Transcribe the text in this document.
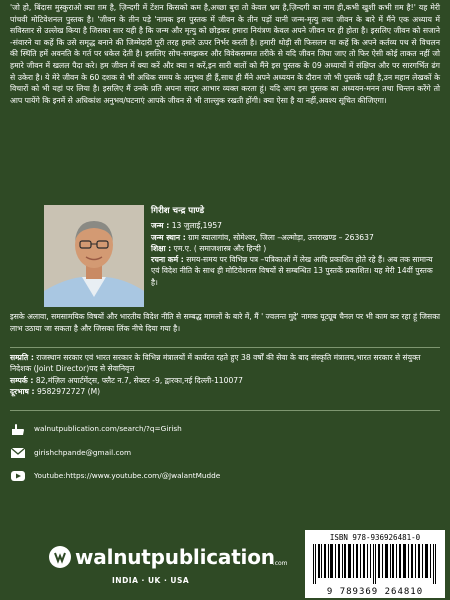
'जो हो, बिंदास मुस्कुराओ क्या ग़म है, ज़िन्दगी में टेंशन किसको कम है,अच्छा बुरा तो केवल भ्रम है,ज़िन्दगी का नाम ही,कभी खुशी कभी ग़म है!' यह मेरी पांचवी मोटिवेशनल पुस्तक है। 'जीवन के तीन पड़े 'नामक इस पुस्तक में जीवन के तीन पड़ों यानी जन्म-मृत्यु तथा जीवन के बारे में मैंने एक अध्याय में सविस्तार से उल्लेख किया है जिसका सार यही है कि जन्म और मृत्यु को छोड़कर हमारा नियंत्रण केवल अपने जीवन पर ही होता है। इसलिए जीवन को सजाने -संवारने या कहें कि उसे समृद्ध बनाने की जिम्मेदारी पूरी तरह हमारे ऊपर निर्भर करती है। हमारी थोड़ी सी फिसलन या कहें कि अपने कर्तव्य पथ से विचलन की स्थिति हमें अवनति के गर्त पर धकेल देती है। इसलिए सोच-समझकर और विवेकसम्मत तरीके से यदि जीवन जिया जाए तो फिर ऐसी कोई ताकत नहीं जो हमारे जीवन में खलल पैदा करे। हम जीवन में क्या करें और क्या न करें,इन सारी बातों को मैंने इस पुस्तक के 09 अध्यायों में संक्षिप्त और पर सारगर्भित ढंग से उकेरा है। ये मेरे जीवन के 60 दशक से भी अधिक समय के अनुभव ही हैं,साथ ही मैंने अपने अध्ययन के दौरान जो भी पुस्तकें पढ़ी है,उन महान लेखकों के विचारों को भी यहां पर लिया है। इसलिए मैं उनके प्रति अपना सादर आभार व्यक्त करता हूं। यदि आप इस पुस्तक का अध्ययन-मनन तथा चिन्तन करेंगे तो आप पायेंगे कि इनमें से अधिकांश अनुभव/घटनाएं आपके जीवन से भी ताल्लुक रखती होंगी। क्या ऐसा है या नहीं,अवश्य सूचित कीजिएगा।
गिरीश चन्द्र पाण्डे
जन्म : 13 जुलाई,1957
जन्म स्थान : ग्राम स्यालागांव, सोमेश्वर, जिला –अल्मोड़ा, उत्तराखण्ड – 263637
शिक्षा : एम.ए. ( समाजशास्त्र और हिन्दी )
रचना कर्म : समय-समय पर विभिन्न पत्र –पत्रिकाओं में लेख आदि प्रकाशित होते रहे हैं। अब तक सामान्य एवं विदेश नीति के साथ ही मोटिवेशनल विषयों से सम्बन्धित 13 पुस्तकें प्रकाशित। यह मेरी 14वीं पुस्तक है।
इसके अलावा, समसामयिक विषयों और भारतीय विदेश नीति से सम्बद्ध मामलों के बारे में, मैं ' ज्वलन्त मुद्दे' नामक यूट्यूब चैनल पर भी काम कर रहा हूं जिसका लाभ उठाया जा सकता है और जिसका लिंक नीचे दिया गया है।
सम्प्रति : राजस्थान सरकार एवं भारत सरकार के विभिन्न मंत्रालयों में कार्यरत रहते हुए 38 वर्षों की सेवा के बाद संस्कृति मंत्रालय,भारत सरकार से संयुक्त निदेशक (Joint Director)पद से सेवानिवृत्त
सम्पर्क : 82,मंज़िल अपार्टमेंट्स, फ्लैट न.7, सेक्टर -9, द्वारका,नई दिल्ली-110077
दूरभाष : 9582972727 (M)
walnutpublication.com/search/?q=Girish
girishchpande@gmail.com
Youtube:https://www.youtube.com/@JwalantMudde
walnutpublication
.com
INDIA · UK · USA
ISBN 978-936926481-0
9 789369 264810
